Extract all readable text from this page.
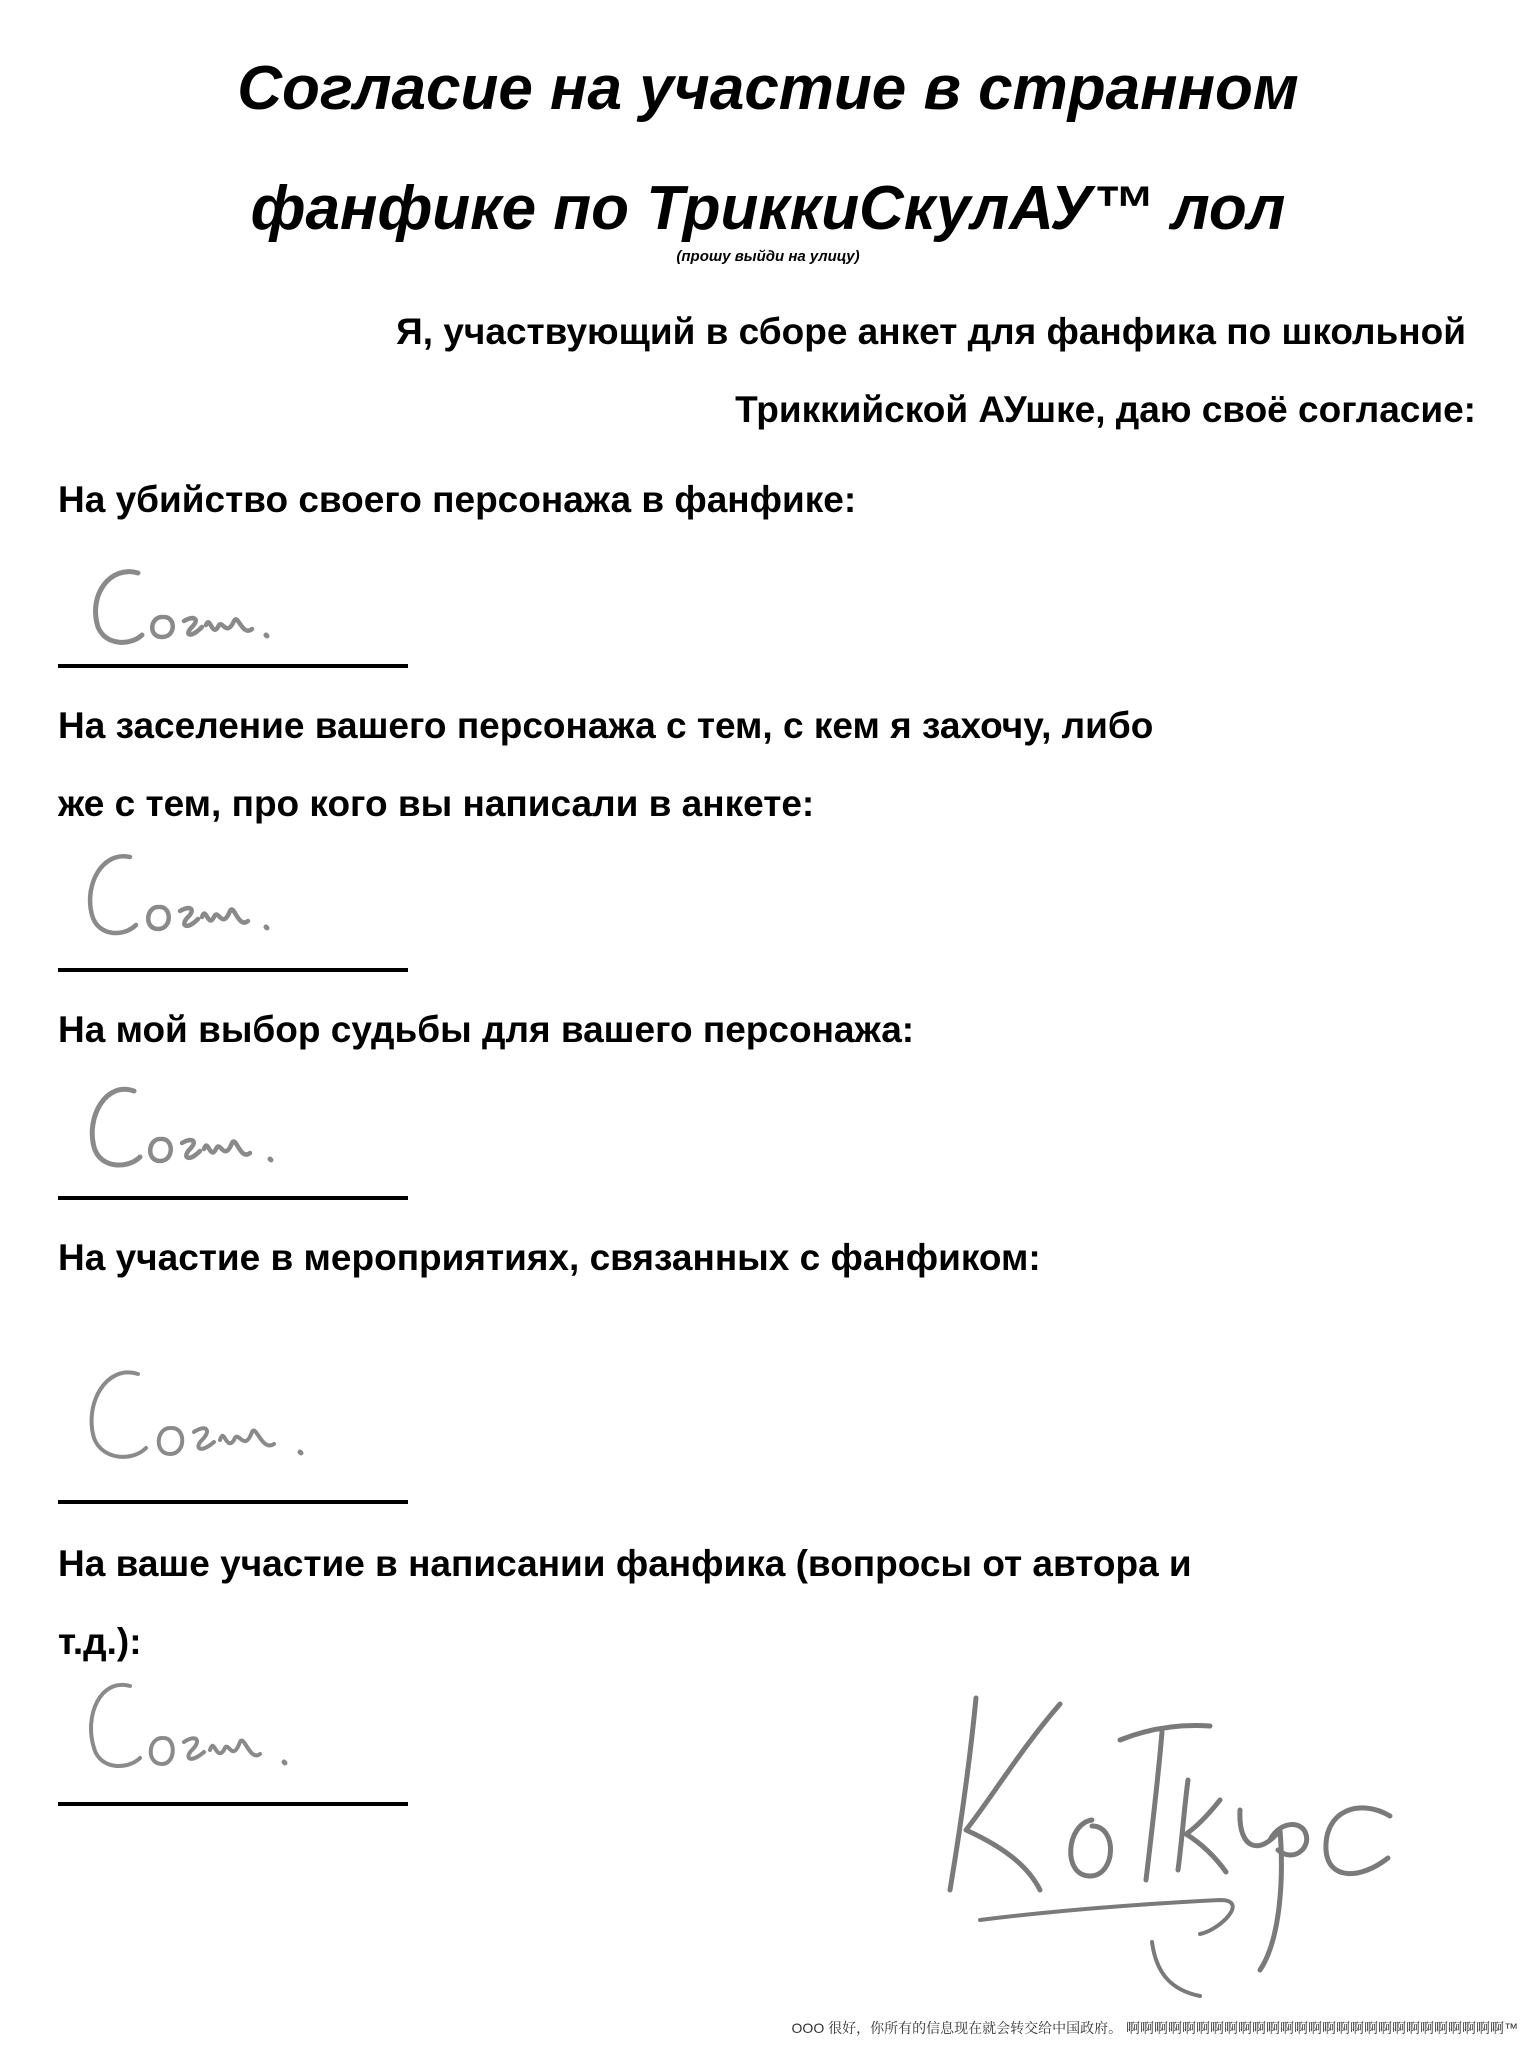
Согласие на участие в странном
фанфике по ТриккиСкулАУ™ лол
(прошу выйди на улицу)

Я, участвующий в сборе анкет для фанфика по школьной

Триккийской АУшке, даю своё согласие:

На убийство своего персонажа в фанфике:

На заселение вашего персонажа с тем, с кем я захочу, либо

же с тем, про кого вы написали в анкете:

На мой выбор судьбы для вашего персонажа:

На участие в мероприятиях, связанных с фанфиком:

На ваше участие в написании фанфика (вопросы от автора и

т.д.):

OOO 很好，你所有的信息现在就会转交给中国政府。 啊啊啊啊啊啊啊啊啊啊啊啊啊啊啊啊啊啊啊啊啊啊啊啊啊啊啊™
